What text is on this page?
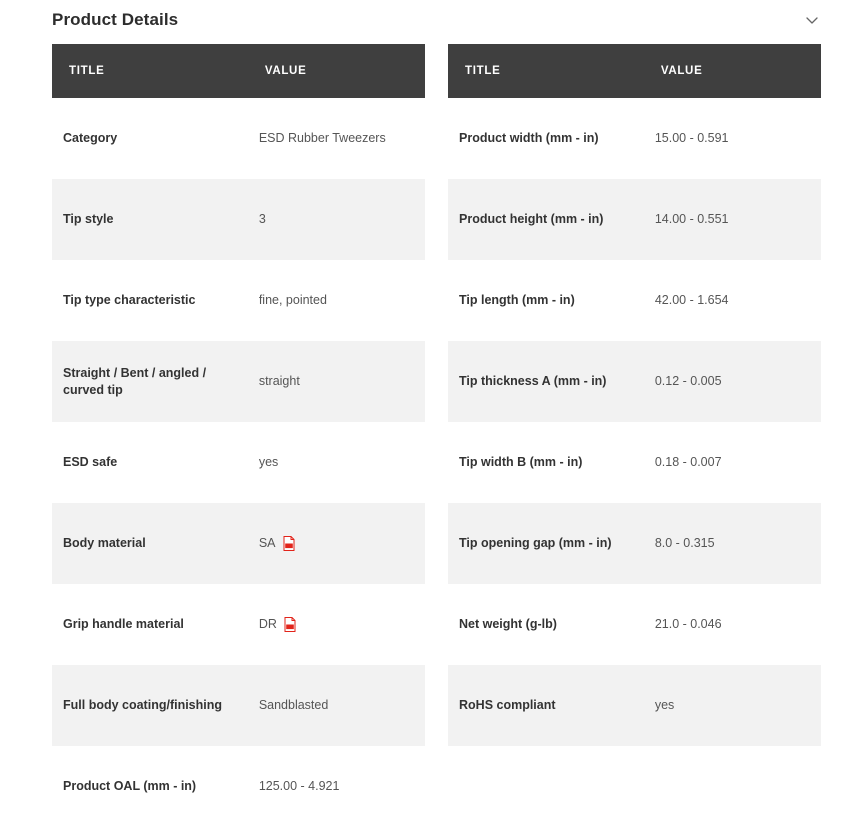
Product Details
TITLE	VALUE
Category	ESD Rubber Tweezers
Tip style	3
Tip type characteristic	fine, pointed
Straight / Bent / angled / curved tip	straight
ESD safe	yes
Body material	SA

Grip handle material	DR

Full body coating/finishing	Sandblasted
Product OAL (mm - in)	125.00 - 4.921
TITLE	VALUE
Product width (mm - in)	15.00 - 0.591
Product height (mm - in)	14.00 - 0.551
Tip length (mm - in)	42.00 - 1.654
Tip thickness A (mm - in)	0.12 - 0.005
Tip width B (mm - in)	0.18 - 0.007
Tip opening gap (mm - in)	8.0 - 0.315
Net weight (g-lb)	21.0 - 0.046
RoHS compliant	yes
